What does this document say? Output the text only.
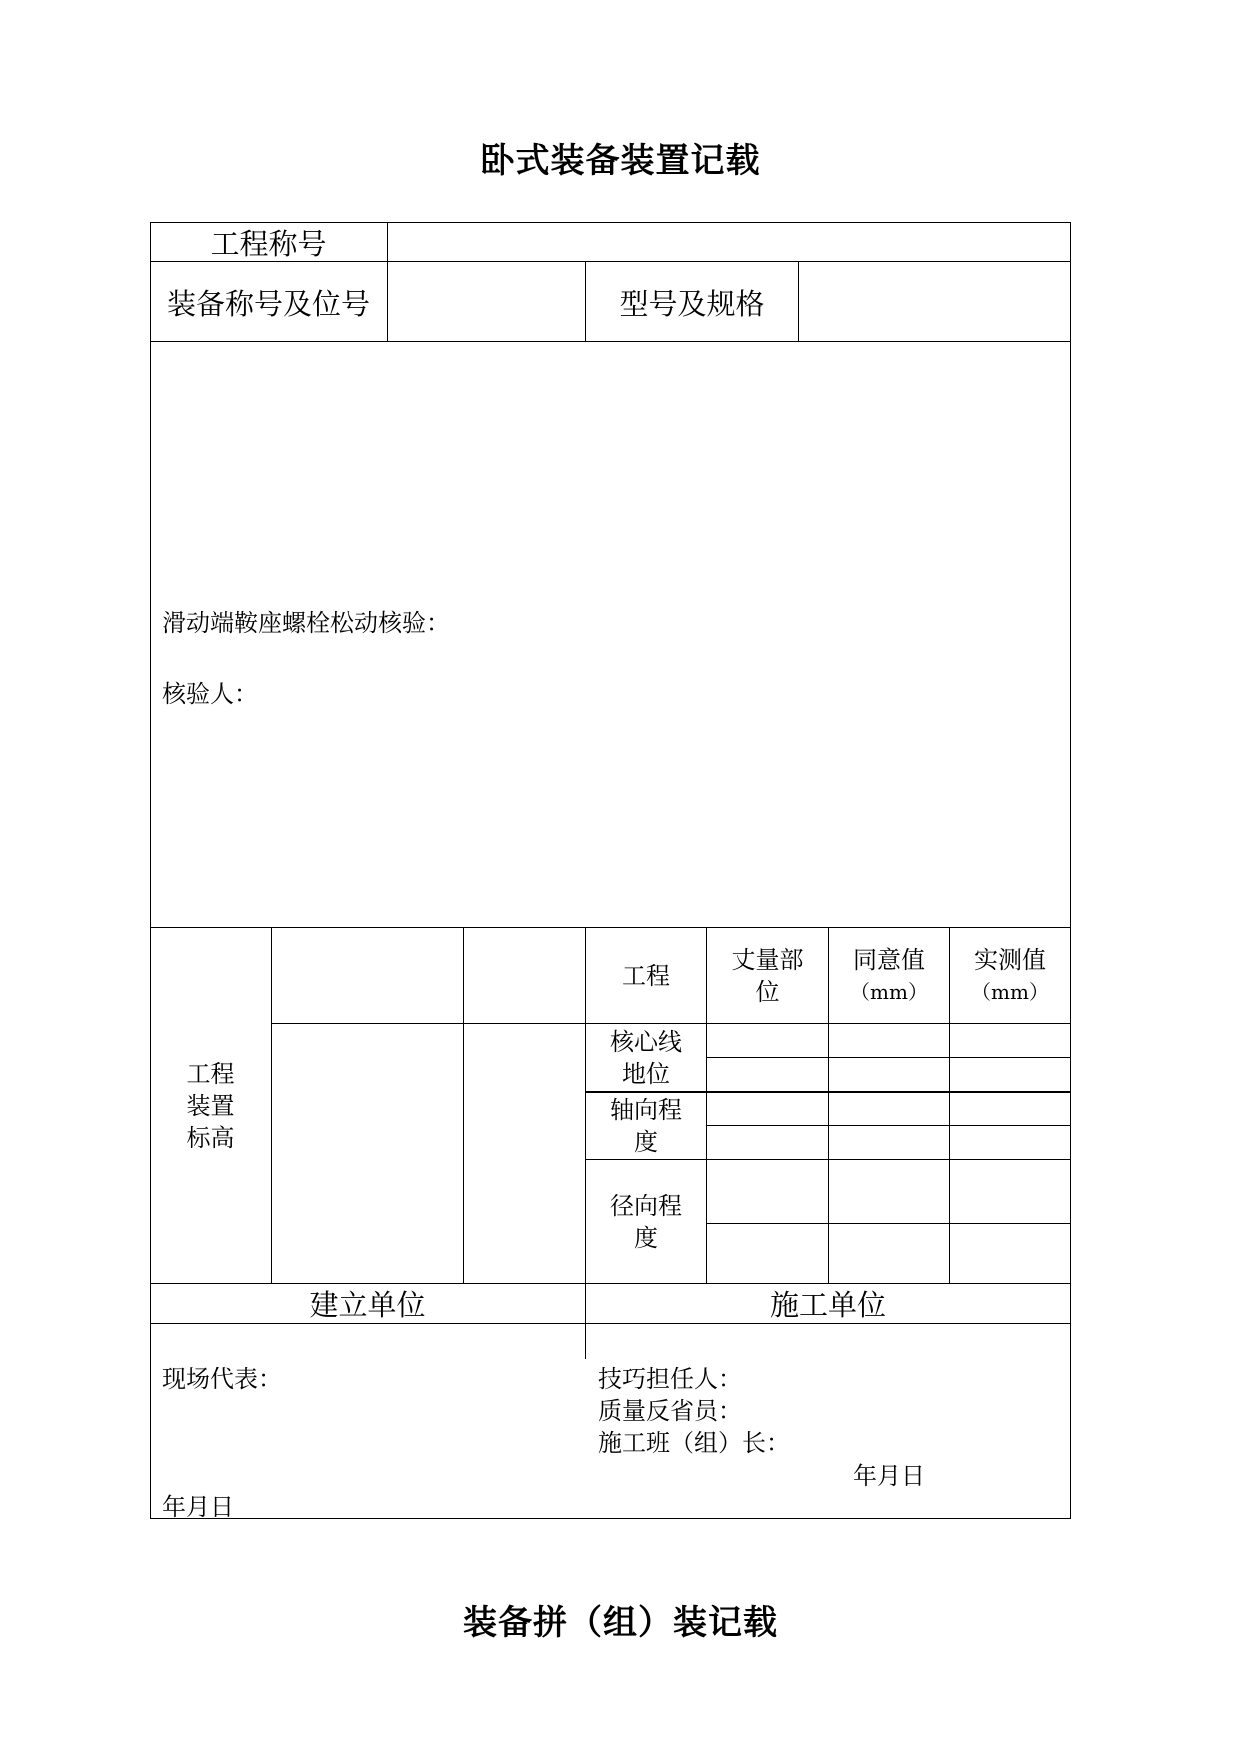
卧式装备装置记载
工程称号
装备称号及位号	型号及规格
滑动端鞍座螺栓松动核验：
核验人：
工程
装置
标高
工程
丈量部
位
同意值
（mm）
实测值
（mm）
核心线
地位
轴向程
度
径向程
度
建立单位	施工单位
现场代表：
年月日
技巧担任人：
质量反省员：
施工班（组）长：
年月日
装备拼（组）装记载
